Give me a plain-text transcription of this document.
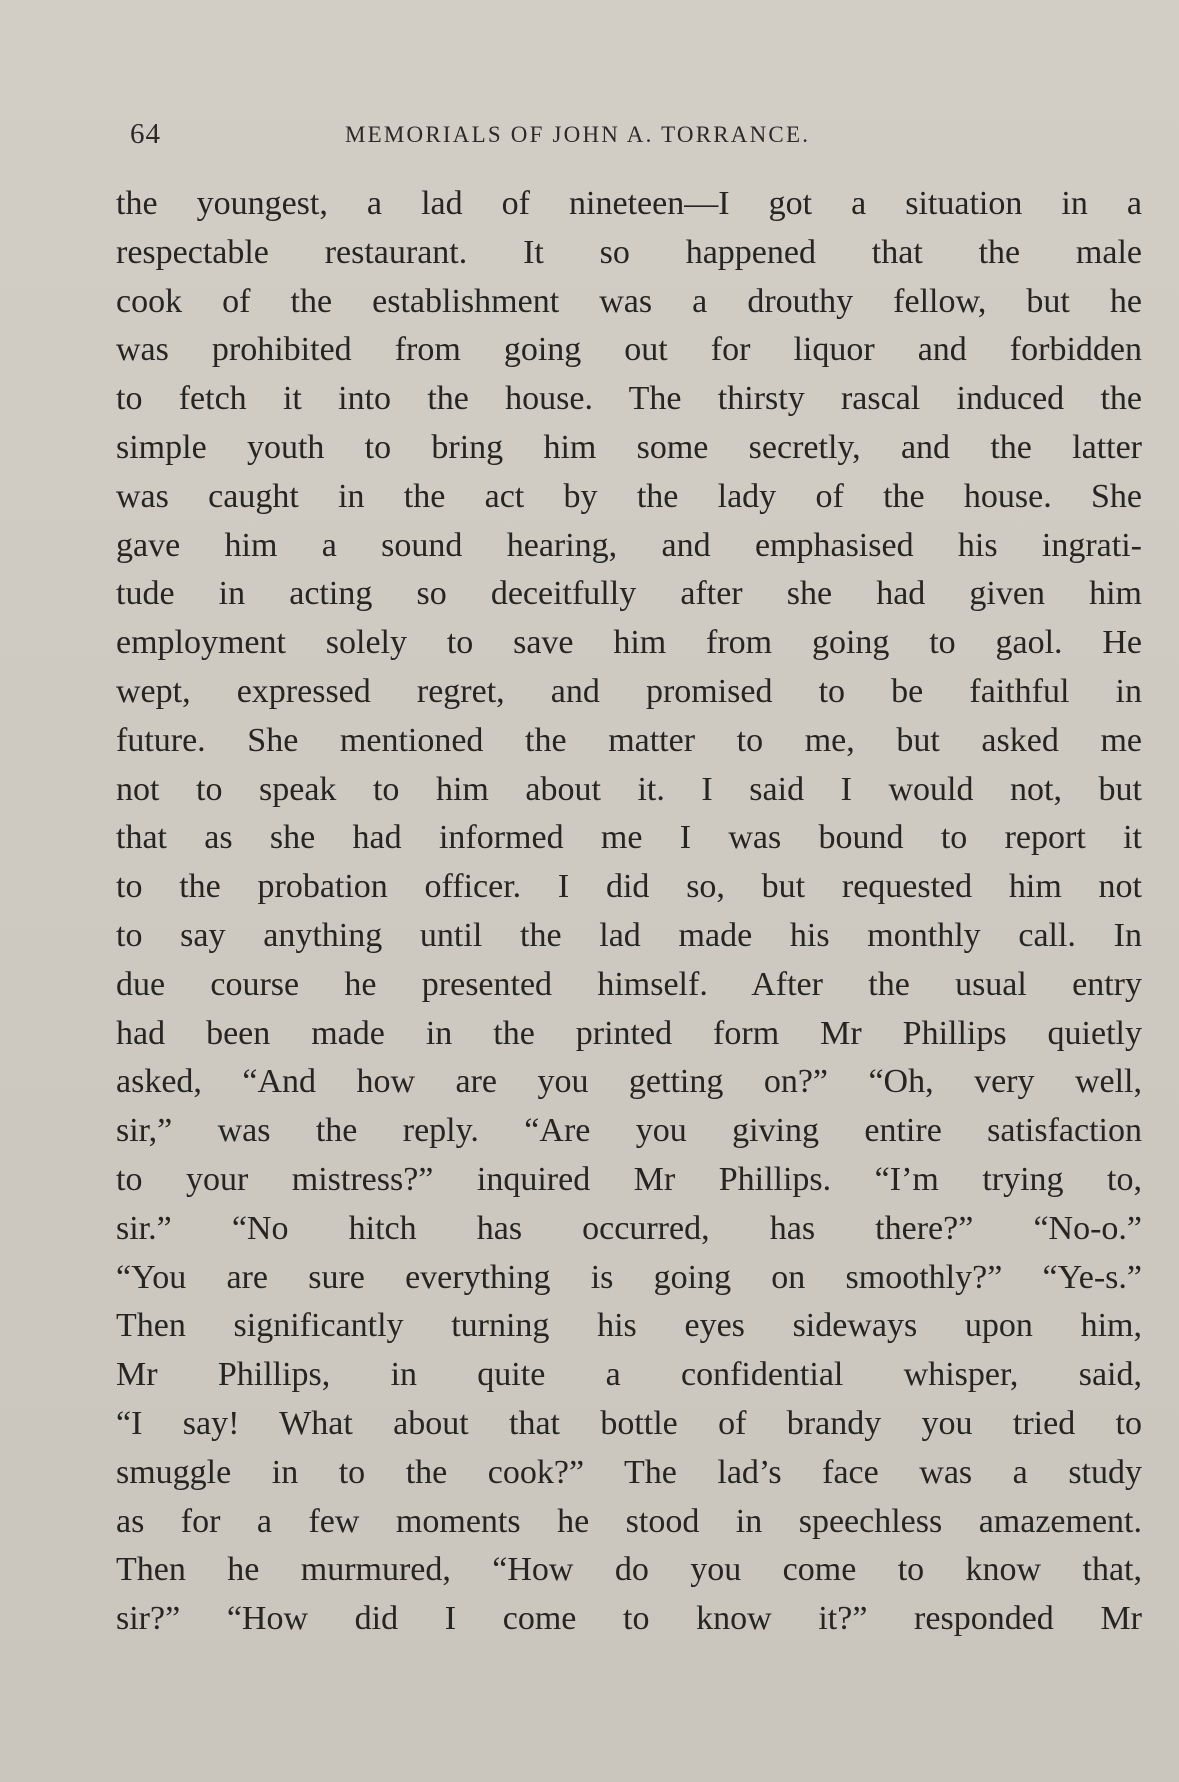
64	MEMORIALS OF JOHN A. TORRANCE.
the youngest, a lad of nineteen—I got a situation in a
respectable restaurant. It so happened that the male
cook of the establishment was a drouthy fellow, but he
was prohibited from going out for liquor and forbidden
to fetch it into the house. The thirsty rascal induced the
simple youth to bring him some secretly, and the latter
was caught in the act by the lady of the house. She
gave him a sound hearing, and emphasised his ingrati-
tude in acting so deceitfully after she had given him
employment solely to save him from going to gaol. He
wept, expressed regret, and promised to be faithful in
future. She mentioned the matter to me, but asked me
not to speak to him about it. I said I would not, but
that as she had informed me I was bound to report it
to the probation officer. I did so, but requested him not
to say anything until the lad made his monthly call. In
due course he presented himself. After the usual entry
had been made in the printed form Mr Phillips quietly
asked, “And how are you getting on?” “Oh, very well,
sir,” was the reply. “Are you giving entire satisfaction
to your mistress?” inquired Mr Phillips. “I’m trying to,
sir.” “No hitch has occurred, has there?” “No-o.”
“You are sure everything is going on smoothly?” “Ye-s.”
Then significantly turning his eyes sideways upon him,
Mr Phillips, in quite a confidential whisper, said,
“I say! What about that bottle of brandy you tried to
smuggle in to the cook?” The lad’s face was a study
as for a few moments he stood in speechless amazement.
Then he murmured, “How do you come to know that,
sir?” “How did I come to know it?” responded Mr
